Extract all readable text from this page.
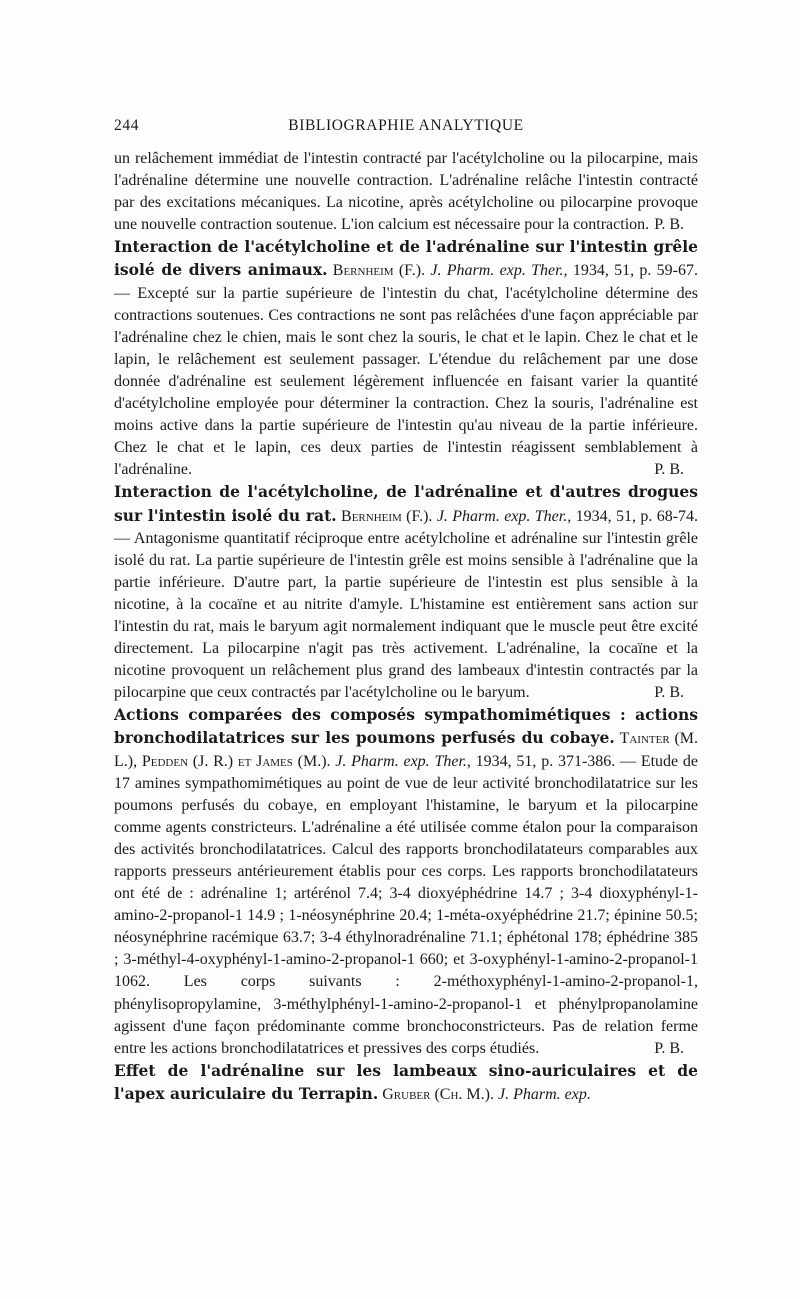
244	BIBLIOGRAPHIE ANALYTIQUE

un relâchement immédiat de l'intestin contracté par l'acétylcholine ou la pilocarpine, mais l'adrénaline détermine une nouvelle contraction. L'adrénaline relâche l'intestin contracté par des excitations mécaniques. La nicotine, après acétylcholine ou pilocarpine provoque une nouvelle contraction soutenue. L'ion calcium est nécessaire pour la contraction. P. B.

Interaction de l'acétylcholine et de l'adrénaline sur l'intestin grêle isolé de divers animaux. Bernheim (F.). J. Pharm. exp. Ther., 1934, 51, p. 59-67. — Excepté sur la partie supérieure de l'intestin du chat, l'acétylcholine détermine des contractions soutenues. Ces contractions ne sont pas relâchées d'une façon appréciable par l'adrénaline chez le chien, mais le sont chez la souris, le chat et le lapin. Chez le chat et le lapin, le relâchement est seulement passager. L'étendue du relâchement par une dose donnée d'adrénaline est seulement légèrement influencée en faisant varier la quantité d'acétylcholine employée pour déterminer la contraction. Chez la souris, l'adrénaline est moins active dans la partie supérieure de l'intestin qu'au niveau de la partie inférieure. Chez le chat et le lapin, ces deux parties de l'intestin réagissent semblablement à l'adrénaline.	P. B.

Interaction de l'acétylcholine, de l'adrénaline et d'autres drogues sur l'intestin isolé du rat. Bernheim (F.). J. Pharm. exp. Ther., 1934, 51, p. 68-74. — Antagonisme quantitatif réciproque entre acétylcholine et adrénaline sur l'intestin grêle isolé du rat. La partie supérieure de l'intestin grêle est moins sensible à l'adrénaline que la partie inférieure. D'autre part, la partie supérieure de l'intestin est plus sensible à la nicotine, à la cocaïne et au nitrite d'amyle. L'histamine est entièrement sans action sur l'intestin du rat, mais le baryum agit normalement indiquant que le muscle peut être excité directement. La pilocarpine n'agit pas très activement. L'adrénaline, la cocaïne et la nicotine provoquent un relâchement plus grand des lambeaux d'intestin contractés par la pilocarpine que ceux contractés par l'acétylcholine ou le baryum.	P. B.

Actions comparées des composés sympathomimétiques : actions bronchodilatatrices sur les poumons perfusés du cobaye. Tainter (M. L.), Pedden (J. R.) et James (M.). J. Pharm. exp. Ther., 1934, 51, p. 371-386. — Etude de 17 amines sympathomimétiques au point de vue de leur activité bronchodilatatrice sur les poumons perfusés du cobaye, en employant l'histamine, le baryum et la pilocarpine comme agents constricteurs. L'adrénaline a été utilisée comme étalon pour la comparaison des activités bronchodilatatrices. Calcul des rapports bronchodilatateurs comparables aux rapports presseurs antérieurement établis pour ces corps. Les rapports bronchodilatateurs ont été de : adrénaline 1; artérénol 7.4; 3-4 dioxyéphédrine 14.7 ; 3-4 dioxyphényl-1-amino-2-propanol-1 14.9 ; 1-néosynéphrine 20.4; 1-méta-oxyéphédrine 21.7; épinine 50.5; néosynéphrine racémique 63.7; 3-4 éthylnoradrénaline 71.1; éphétonal 178; éphédrine 385 ; 3-méthyl-4-oxyphényl-1-amino-2-propanol-1 660; et 3-oxyphényl-1-amino-2-propanol-1 1062. Les corps suivants : 2-méthoxyphényl-1-amino-2-propanol-1, phénylisopropylamine, 3-méthylphényl-1-amino-2-propanol-1 et phénylpropanolamine agissent d'une façon prédominante comme bronchoconstricteurs. Pas de relation ferme entre les actions bronchodilatatrices et pressives des corps étudiés.	P. B.

Effet de l'adrénaline sur les lambeaux sino-auriculaires et de l'apex auriculaire du Terrapin. Gruber (Ch. M.). J. Pharm. exp.
